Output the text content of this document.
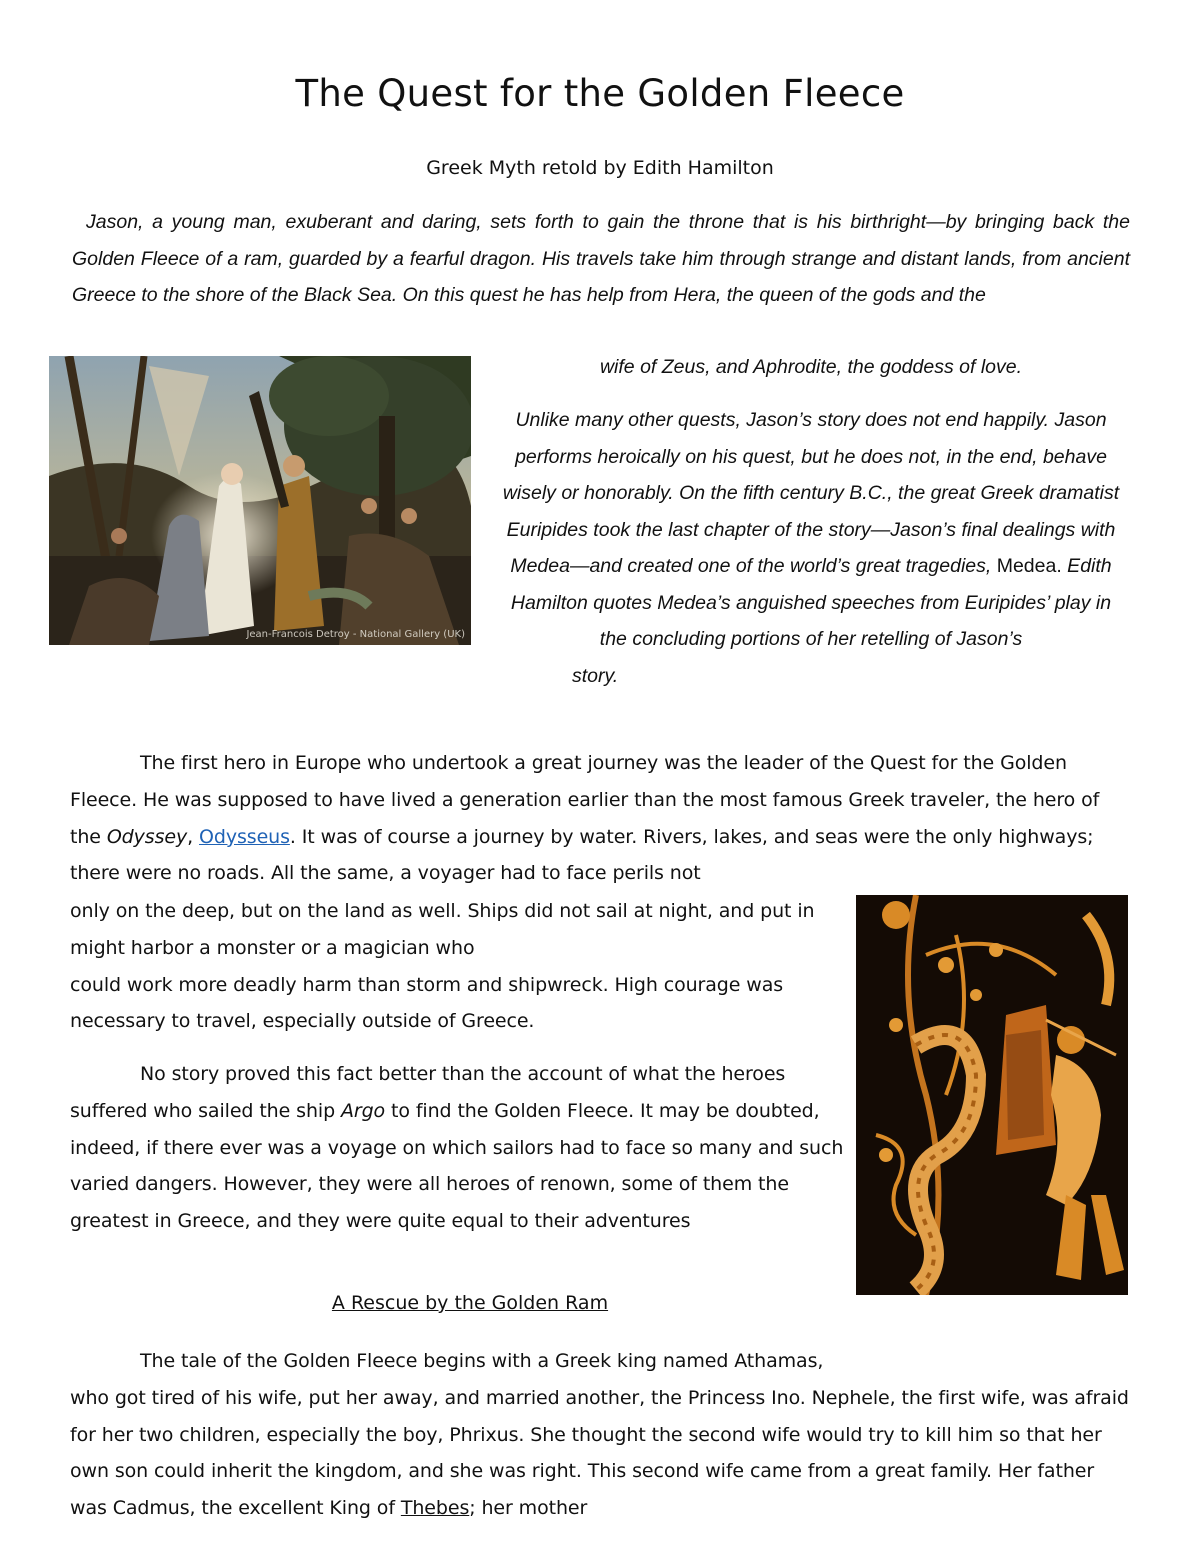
The Quest for the Golden Fleece

Greek Myth retold by Edith Hamilton

Jason, a young man, exuberant and daring, sets forth to gain the throne that is his birthright—by bringing back the Golden Fleece of a ram, guarded by a fearful dragon. His travels take him through strange and distant lands, from ancient Greece to the shore of the Black Sea. On this quest he has help from Hera, the queen of the gods and the

Jean-Francois Detroy - National Gallery (UK)

wife of Zeus, and Aphrodite, the goddess of love.

Unlike many other quests, Jason’s story does not end happily. Jason performs heroically on his quest, but he does not, in the end, behave wisely or honorably. On the fifth century B.C., the great Greek dramatist Euripides took the last chapter of the story—Jason’s final dealings with Medea—and created one of the world’s great tragedies, Medea. Edith Hamilton quotes Medea’s anguished speeches from Euripides’ play in the concluding portions of her retelling of Jason’s
story.

The first hero in Europe who undertook a great journey was the leader of the Quest for the Golden Fleece. He was supposed to have lived a generation earlier than the most famous Greek traveler, the hero of the Odyssey, Odysseus. It was of course a journey by water. Rivers, lakes, and seas were the only highways; there were no roads. All the same, a voyager had to face perils not

only on the deep, but on the land as well. Ships did not sail at night, and put in might harbor a monster or a magician who
could work more deadly harm than storm and shipwreck. High courage was necessary to travel, especially outside of Greece.

No story proved this fact better than the account of what the heroes suffered who sailed the ship Argo to find the Golden Fleece. It may be doubted, indeed, if there ever was a voyage on which sailors had to face so many and such varied dangers. However, they were all heroes of renown, some of them the greatest in Greece, and they were quite equal to their adventures

A Rescue by the Golden Ram

The tale of the Golden Fleece begins with a Greek king named Athamas,
who got tired of his wife, put her away, and married another, the Princess Ino. Nephele, the first wife, was afraid for her two children, especially the boy, Phrixus. She thought the second wife would try to kill him so that her own son could inherit the kingdom, and she was right. This second wife came from a great family. Her father was Cadmus, the excellent King of Thebes; her mother
